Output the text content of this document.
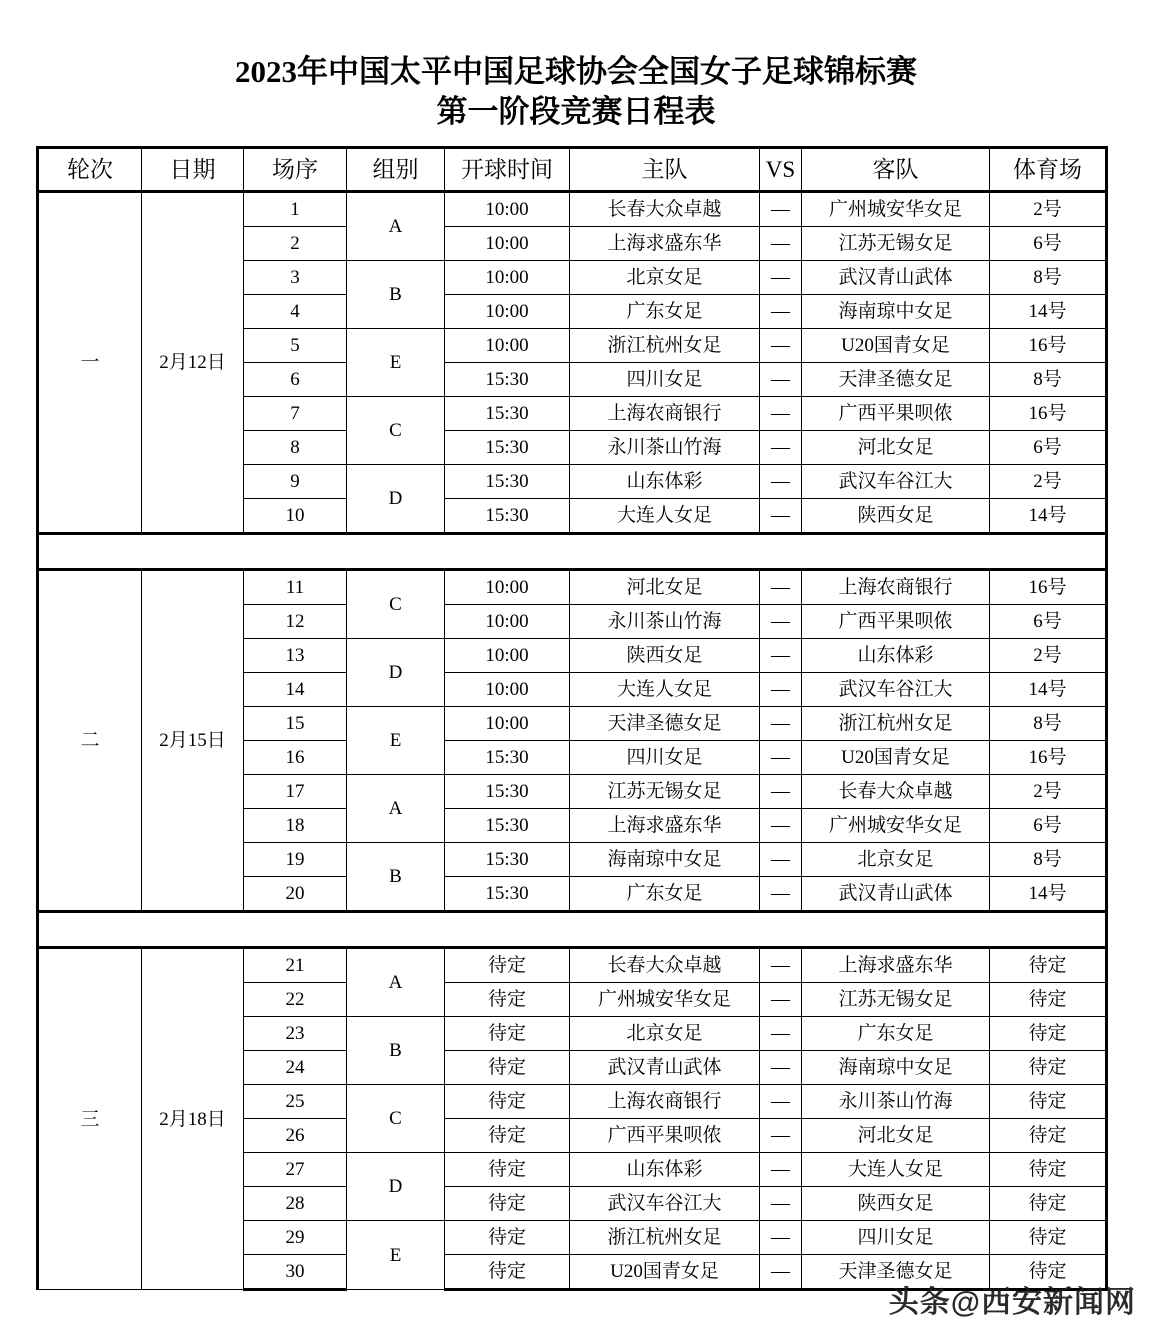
2023年中国太平中国足球协会全国女子足球锦标赛
第一阶段竞赛日程表
轮次	日期	场序	组别	开球时间	主队	VS	客队	体育场
一	2月12日	1	A	10:00	长春大众卓越	—	广州城安华女足	2号
		2		10:00	上海求盛东华	—	江苏无锡女足	6号
		3	B	10:00	北京女足	—	武汉青山武体	8号
		4		10:00	广东女足	—	海南琼中女足	14号
		5	E	10:00	浙江杭州女足	—	U20国青女足	16号
		6		15:30	四川女足	—	天津圣德女足	8号
		7	C	15:30	上海农商银行	—	广西平果呗侬	16号
		8		15:30	永川茶山竹海	—	河北女足	6号
		9	D	15:30	山东体彩	—	武汉车谷江大	2号
		10		15:30	大连人女足	—	陕西女足	14号

二	2月15日	11	C	10:00	河北女足	—	上海农商银行	16号
		12		10:00	永川茶山竹海	—	广西平果呗侬	6号
		13	D	10:00	陕西女足	—	山东体彩	2号
		14		10:00	大连人女足	—	武汉车谷江大	14号
		15	E	10:00	天津圣德女足	—	浙江杭州女足	8号
		16		15:30	四川女足	—	U20国青女足	16号
		17	A	15:30	江苏无锡女足	—	长春大众卓越	2号
		18		15:30	上海求盛东华	—	广州城安华女足	6号
		19	B	15:30	海南琼中女足	—	北京女足	8号
		20		15:30	广东女足	—	武汉青山武体	14号

三	2月18日	21	A	待定	长春大众卓越	—	上海求盛东华	待定
		22		待定	广州城安华女足	—	江苏无锡女足	待定
		23	B	待定	北京女足	—	广东女足	待定
		24		待定	武汉青山武体	—	海南琼中女足	待定
		25	C	待定	上海农商银行	—	永川茶山竹海	待定
		26		待定	广西平果呗侬	—	河北女足	待定
		27	D	待定	山东体彩	—	大连人女足	待定
		28		待定	武汉车谷江大	—	陕西女足	待定
		29	E	待定	浙江杭州女足	—	四川女足	待定
		30		待定	U20国青女足	—	天津圣德女足	待定
头条@西安新闻网
